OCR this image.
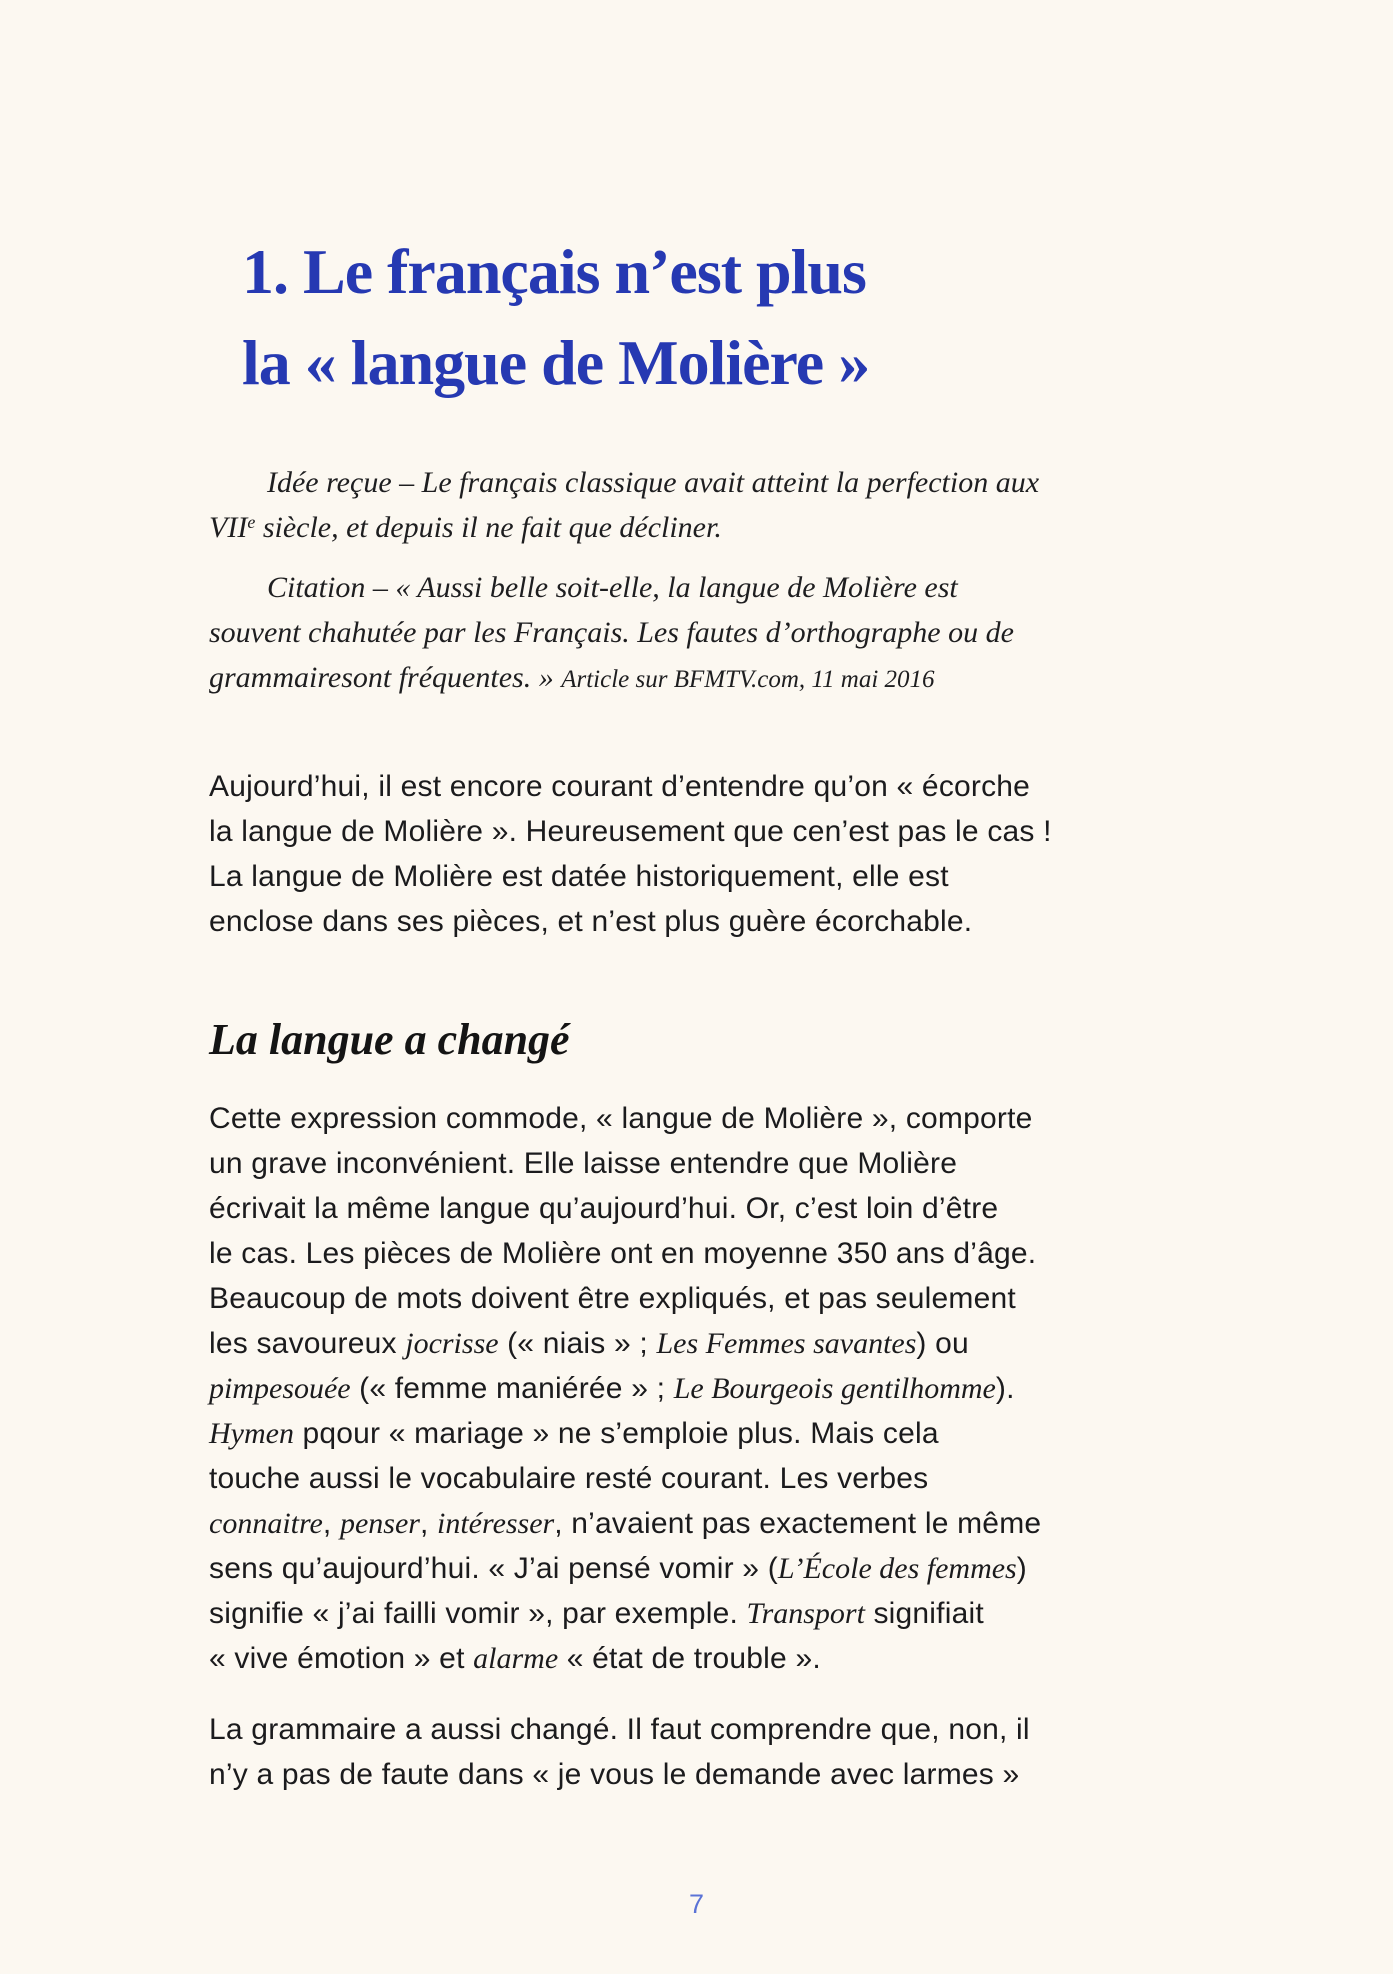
1. Le français n’est plus
la « langue de Molière »
Idée reçue – Le français classique avait atteint la perfection aux
VIIe siècle, et depuis il ne fait que décliner.
Citation – « Aussi belle soit-elle, la langue de Molière est
souvent chahutée par les Français. Les fautes d’orthographe ou de
grammairesont fréquentes. » Article sur BFMTV.com, 11 mai 2016
Aujourd’hui, il est encore courant d’entendre qu’on « écorche
la langue de Molière ». Heureusement que cen’est pas le cas !
La langue de Molière est datée historiquement, elle est
enclose dans ses pièces, et n’est plus guère écorchable.
La langue a changé
Cette expression commode, « langue de Molière », comporte
un grave inconvénient. Elle laisse entendre que Molière
écrivait la même langue qu’aujourd’hui. Or, c’est loin d’être
le cas. Les pièces de Molière ont en moyenne 350 ans d’âge.
Beaucoup de mots doivent être expliqués, et pas seulement
les savoureux jocrisse (« niais » ; Les Femmes savantes) ou
pimpesouée (« femme maniérée » ; Le Bourgeois gentilhomme).
Hymen pqour « mariage » ne s’emploie plus. Mais cela
touche aussi le vocabulaire resté courant. Les verbes
connaitre, penser, intéresser, n’avaient pas exactement le même
sens qu’aujourd’hui. « J’ai pensé vomir » (L’École des femmes)
signifie « j’ai failli vomir », par exemple. Transport signifiait
« vive émotion » et alarme « état de trouble ».
La grammaire a aussi changé. Il faut comprendre que, non, il
n’y a pas de faute dans « je vous le demande avec larmes »
7
